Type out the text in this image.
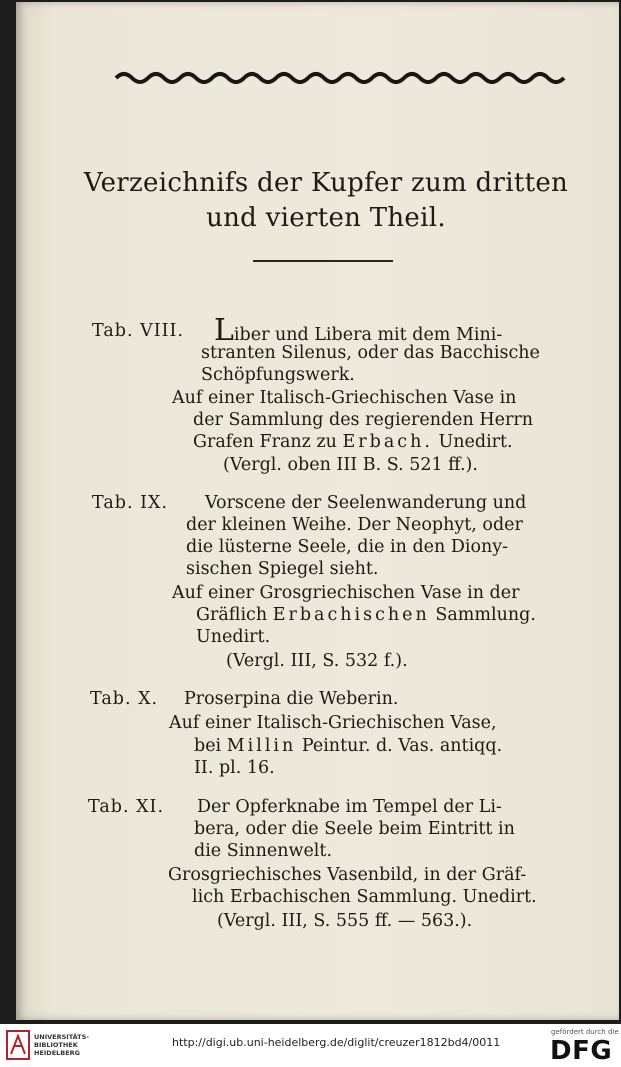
Verzeichnifs der Kupfer zum dritten
und vierten Theil.
Tab. VIII. Liber und Libera mit dem Mini-
stranten Silenus, oder das Bacchische
Schöpfungswerk.
Auf einer Italisch-Griechischen Vase in
der Sammlung des regierenden Herrn
Grafen Franz zu Erbach. Unedirt.
(Vergl. oben III B. S. 521 ff.).
Tab. IX. Vorscene der Seelenwanderung und
der kleinen Weihe. Der Neophyt, oder
die lüsterne Seele, die in den Diony-
sischen Spiegel sieht.
Auf einer Grosgriechischen Vase in der
Gräflich Erbachischen Sammlung.
Unedirt.
(Vergl. III, S. 532 f.).
Tab. X. Proserpina die Weberin.
Auf einer Italisch-Griechischen Vase,
bei Millin Peintur. d. Vas. antiqq.
II. pl. 16.
Tab. XI. Der Opferknabe im Tempel der Li-
bera, oder die Seele beim Eintritt in
die Sinnenwelt.
Grosgriechisches Vasenbild, in der Gräf-
lich Erbachischen Sammlung. Unedirt.
(Vergl. III, S. 555 ff. — 563.).
UNIVERSITÄTS-
BIBLIOTHEK
HEIDELBERG
http://digi.ub.uni-heidelberg.de/diglit/creuzer1812bd4/0011
gefördert durch die
DFG
